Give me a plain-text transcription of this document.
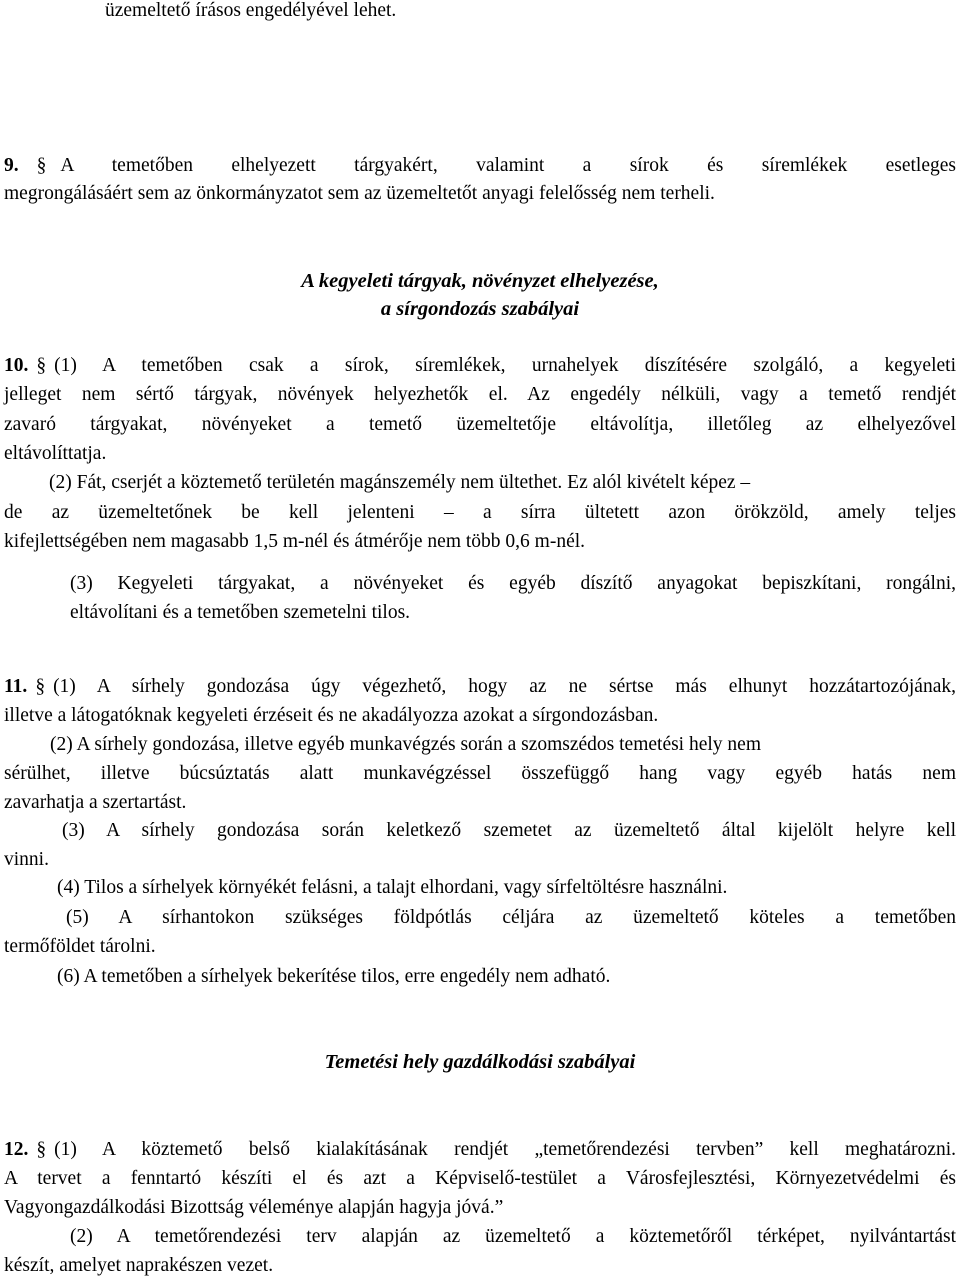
üzemeltető írásos engedélyével lehet.
9. § A temetőben elhelyezett tárgyakért, valamint a sírok és síremlékek esetleges
megrongálásáért sem az önkormányzatot sem az üzemeltetőt anyagi felelősség nem terheli.
A kegyeleti tárgyak, növényzet elhelyezése,
a sírgondozás szabályai
10. § (1) A temetőben csak a sírok, síremlékek, urnahelyek díszítésére szolgáló, a kegyeleti
jelleget nem sértő tárgyak, növények helyezhetők el. Az engedély nélküli, vagy a temető rendjét
zavaró tárgyakat, növényeket a temető üzemeltetője eltávolítja, illetőleg az elhelyezővel
eltávolíttatja.
(2) Fát, cserjét a köztemető területén magánszemély nem ültethet. Ez alól kivételt képez –
de az üzemeltetőnek be kell jelenteni – a sírra ültetett azon örökzöld, amely teljes
kifejlettségében nem magasabb 1,5 m-nél és átmérője nem több 0,6 m-nél.
(3) Kegyeleti tárgyakat, a növényeket és egyéb díszítő anyagokat bepiszkítani, rongálni,
eltávolítani és a temetőben szemetelni tilos.
11. § (1) A sírhely gondozása úgy végezhető, hogy az ne sértse más elhunyt hozzátartozójának,
illetve a látogatóknak kegyeleti érzéseit és ne akadályozza azokat a sírgondozásban.
(2) A sírhely gondozása, illetve egyéb munkavégzés során a szomszédos temetési hely nem
sérülhet, illetve búcsúztatás alatt munkavégzéssel összefüggő hang vagy egyéb hatás nem
zavarhatja a szertartást.
(3) A sírhely gondozása során keletkező szemetet az üzemeltető által kijelölt helyre kell
vinni.
(4) Tilos a sírhelyek környékét felásni, a talajt elhordani, vagy sírfeltöltésre használni.
(5) A sírhantokon szükséges földpótlás céljára az üzemeltető köteles a temetőben
termőföldet tárolni.
(6) A temetőben a sírhelyek bekerítése tilos, erre engedély nem adható.
Temetési hely gazdálkodási szabályai
12. § (1) A köztemető belső kialakításának rendjét „temetőrendezési tervben” kell meghatározni.
A tervet a fenntartó készíti el és azt a Képviselő-testület a Városfejlesztési, Környezetvédelmi és
Vagyongazdálkodási Bizottság véleménye alapján hagyja jóvá.”
(2) A temetőrendezési terv alapján az üzemeltető a köztemetőről térképet, nyilvántartást
készít, amelyet naprakészen vezet.
